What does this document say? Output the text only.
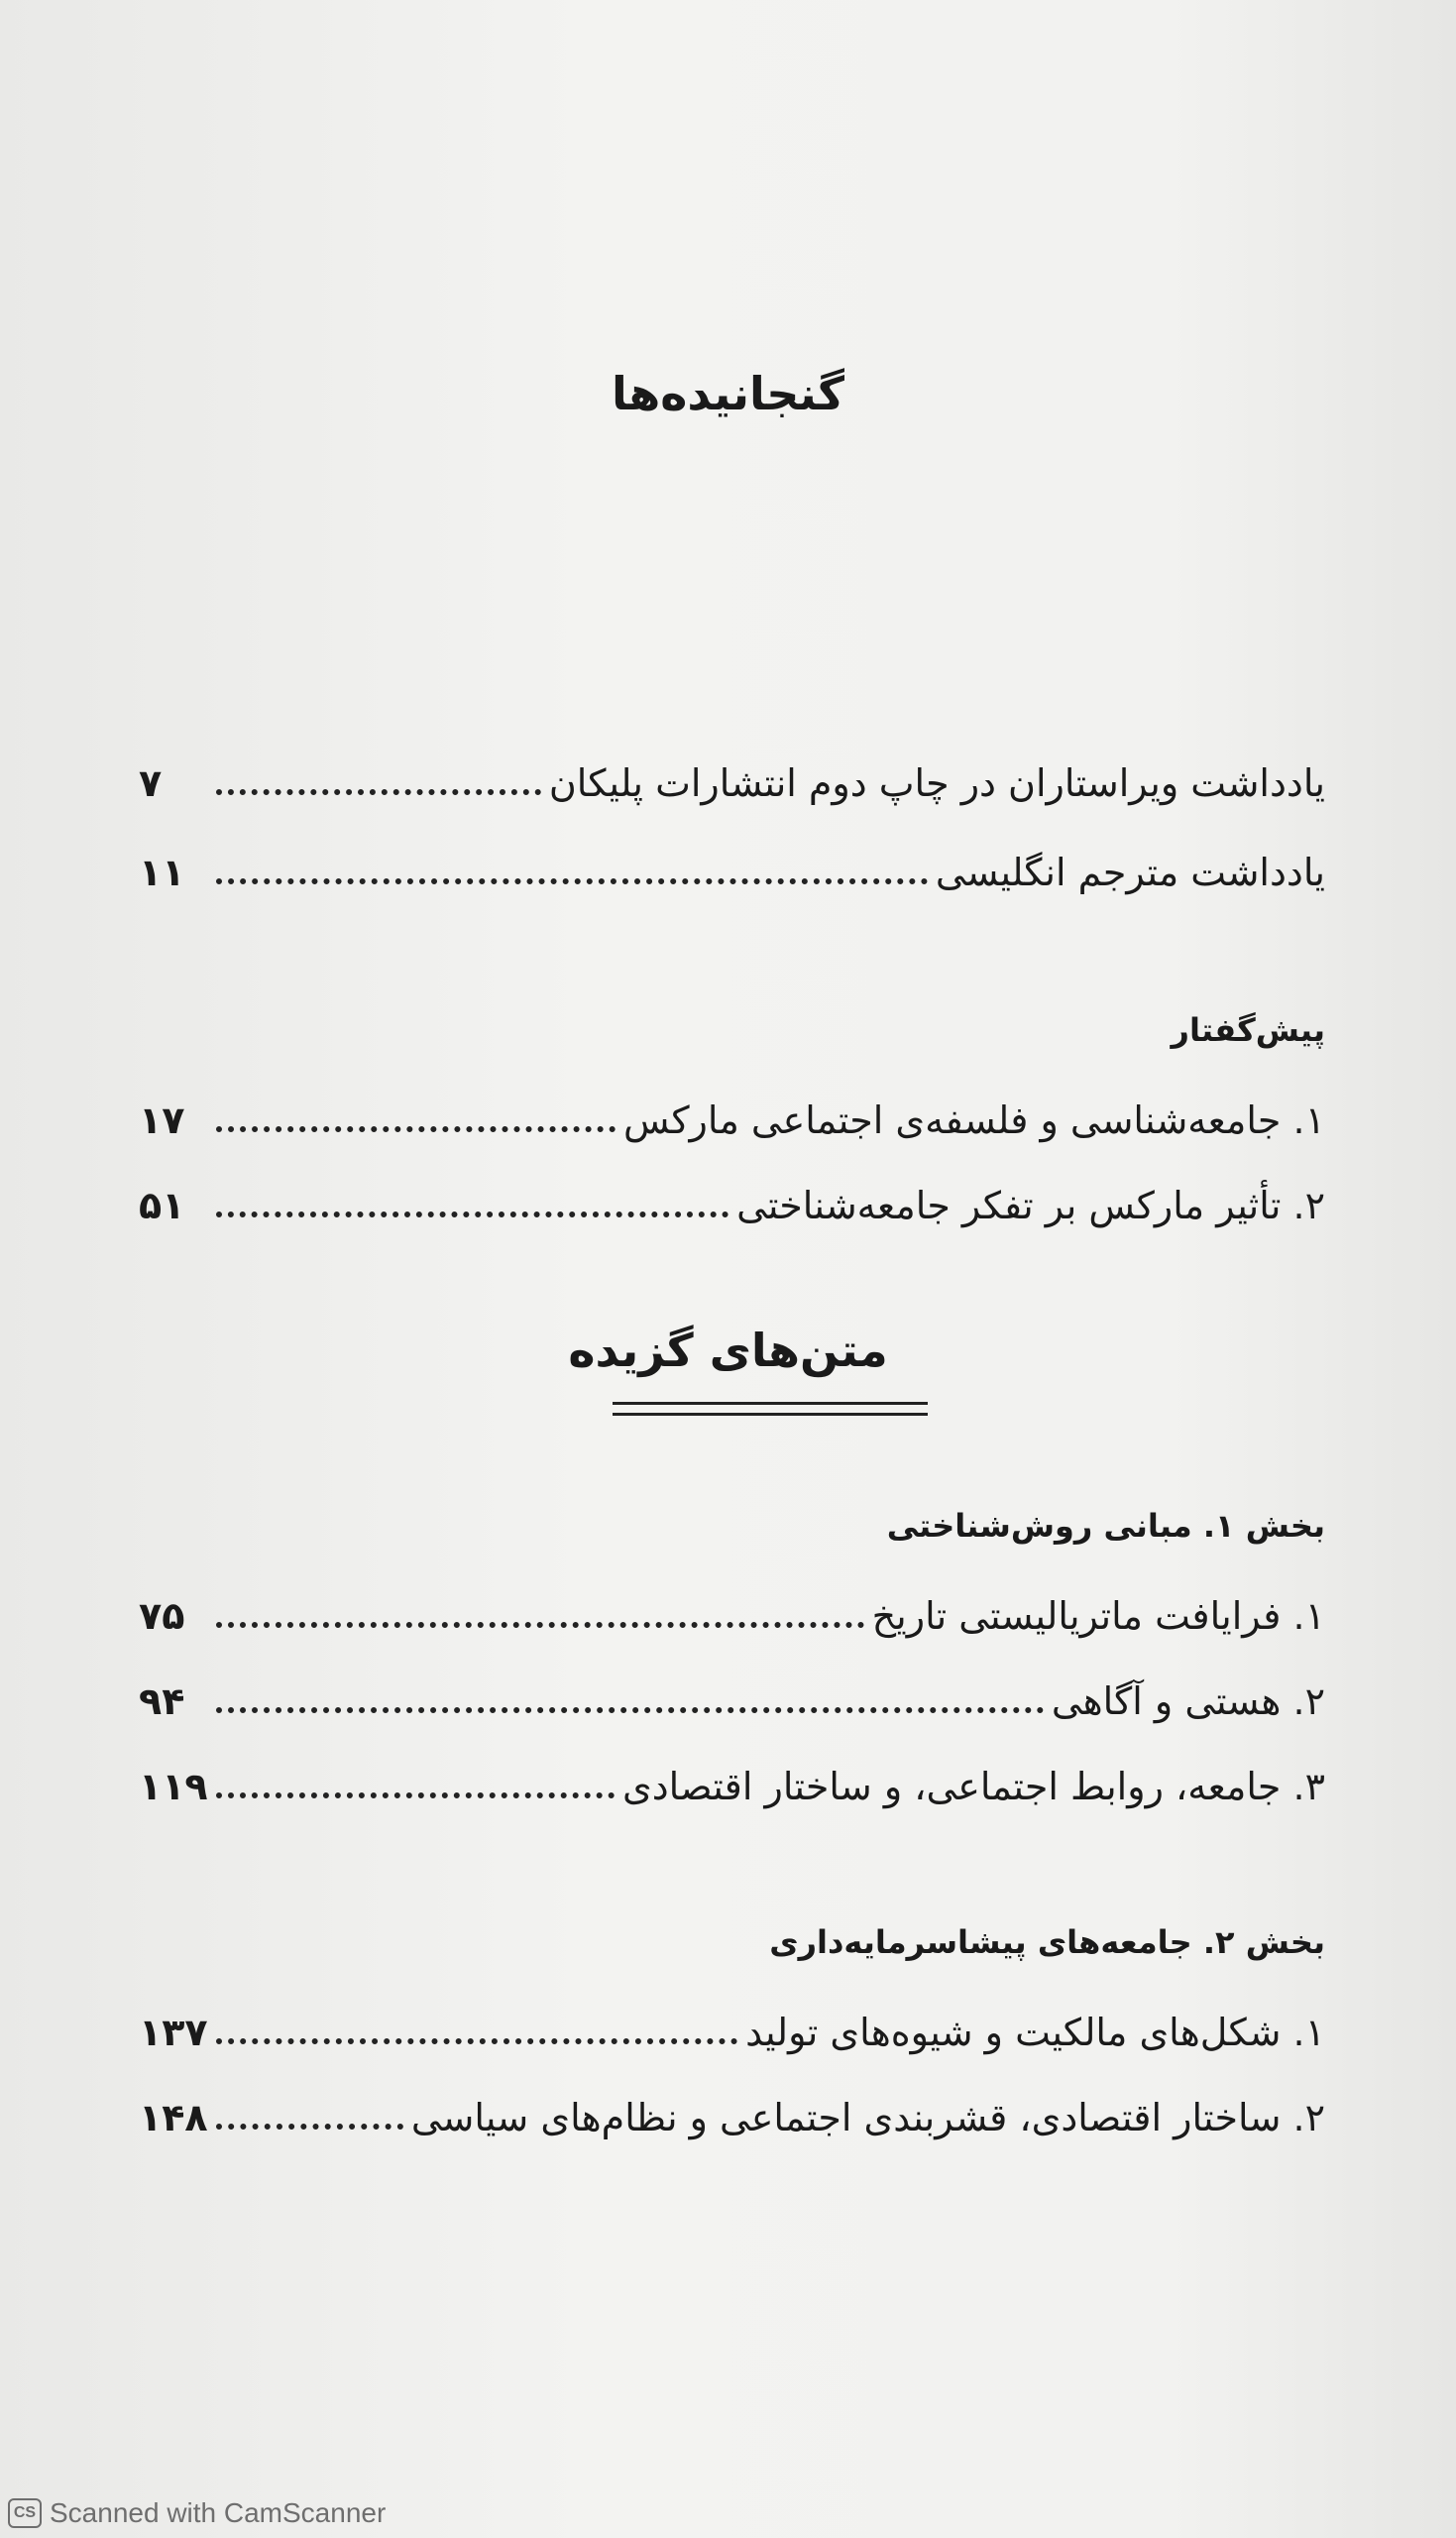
گنجانیده‌ها
یادداشت ویراستاران در چاپ دوم انتشارات پلیکان
۷
یادداشت مترجم انگلیسی
۱۱
پیش‌گفتار
۱. جامعه‌شناسی و فلسفه‌ی اجتماعی مارکس
۱۷
۲. تأثیر مارکس بر تفکر جامعه‌شناختی
۵۱
متن‌های گزیده
بخش ۱. مبانی روش‌شناختی
۱. فرایافت ماتریالیستی تاریخ
۷۵
۲. هستی و آگاهی
۹۴
۳. جامعه، روابط اجتماعی، و ساختار اقتصادی
۱۱۹
بخش ۲. جامعه‌های پیشاسرمایه‌داری
۱. شکل‌های مالکیت و شیوه‌های تولید
۱۳۷
۲. ساختار اقتصادی، قشربندی اجتماعی و نظام‌های سیاسی
۱۴۸
CS Scanned with CamScanner
